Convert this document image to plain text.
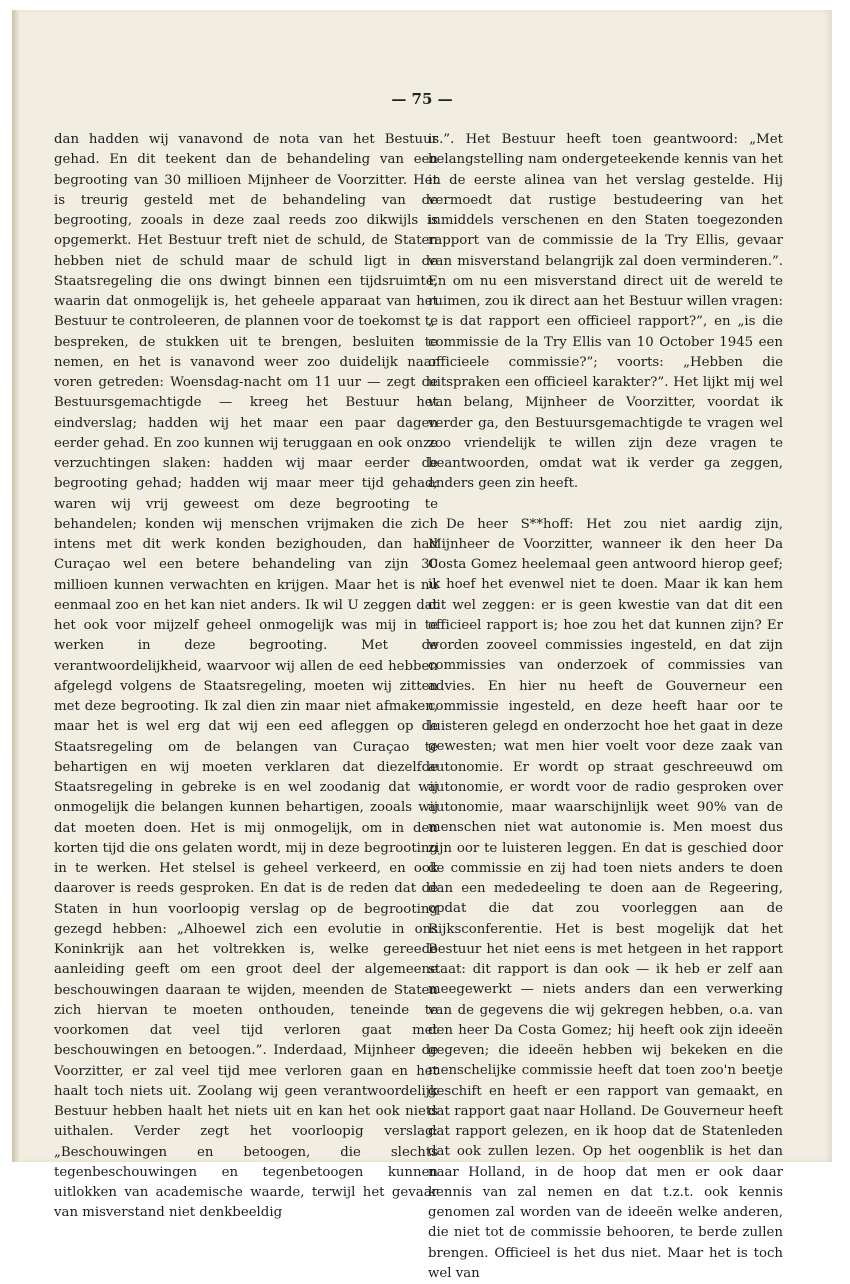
— 75 —

dan hadden wij vanavond de nota van het Bestuur gehad. En dit teekent dan de behandeling van een begrooting van 30 millioen Mijnheer de Voorzitter. Het is treurig gesteld met de behandeling van de begrooting, zooals in deze zaal reeds zoo dikwijls is opgemerkt. Het Bestuur treft niet de schuld, de Staten hebben niet de schuld maar de schuld ligt in de Staatsregeling die ons dwingt binnen een tijdsruimte, waarin dat onmogelijk is, het geheele apparaat van het Bestuur te controleeren, de plannen voor de toekomst te bespreken, de stukken uit te brengen, besluiten te nemen, en het is vanavond weer zoo duidelijk naar voren getreden: Woensdag-nacht om 11 uur — zegt de Bestuursgemachtigde — kreeg het Bestuur het eindverslag; hadden wij het maar een paar dagen eerder gehad. En zoo kunnen wij teruggaan en ook onze verzuchtingen slaken: hadden wij maar eerder de begrooting gehad; hadden wij maar meer tijd gehad; waren wij vrij geweest om deze begrooting te behandelen; konden wij menschen vrijmaken die zich intens met dit werk konden bezighouden, dan had Curaçao wel een betere behandeling van zijn 30 millioen kunnen verwachten en krijgen. Maar het is nu eenmaal zoo en het kan niet anders. Ik wil U zeggen dat het ook voor mijzelf geheel onmogelijk was mij in te werken in deze begrooting. Met de verantwoordelijkheid, waarvoor wij allen de eed hebben afgelegd volgens de Staatsregeling, moeten wij zitten met deze begrooting. Ik zal dien zin maar niet afmaken, maar het is wel erg dat wij een eed afleggen op de Staatsregeling om de belangen van Curaçao te behartigen en wij moeten verklaren dat diezelfde Staatsregeling in gebreke is en wel zoodanig dat wij onmogelijk die belangen kunnen behartigen, zooals wij dat moeten doen. Het is mij onmogelijk, om in den korten tijd die ons gelaten wordt, mij in deze begrooting in te werken. Het stelsel is geheel verkeerd, en ook daarover is reeds gesproken. En dat is de reden dat de Staten in hun voorloopig verslag op de begrooting gezegd hebben: „Alhoewel zich een evolutie in ons Koninkrijk aan het voltrekken is, welke gereede aanleiding geeft om een groot deel der algemeene beschouwingen daaraan te wijden, meenden de Staten zich hiervan te moeten onthouden, teneinde te voorkomen dat veel tijd verloren gaat met beschouwingen en betoogen.”. Inderdaad, Mijnheer de Voorzitter, er zal veel tijd mee verloren gaan en het haalt toch niets uit. Zoolang wij geen verantwoordelijk Bestuur hebben haalt het niets uit en kan het ook niets uithalen. Verder zegt het voorloopig verslag: „Beschouwingen en betoogen, die slechts tegenbeschouwingen en tegenbetoogen kunnen uitlokken van academische waarde, terwijl het gevaar van misverstand niet denkbeeldig

is.”. Het Bestuur heeft toen geantwoord: „Met belangstelling nam ondergeteekende kennis van het in de eerste alinea van het verslag gestelde. Hij vermoedt dat rustige bestudeering van het inmiddels verschenen en den Staten toegezonden rapport van de commissie de la Try Ellis, gevaar van misverstand belangrijk zal doen verminderen.”. En om nu een misverstand direct uit de wereld te ruimen, zou ik direct aan het Bestuur willen vragen: „ is dat rapport een officieel rapport?”, en „is die commissie de la Try Ellis van 10 October 1945 een officieele commissie?”; voorts: „Hebben die uitspraken een officieel karakter?”. Het lijkt mij wel van belang, Mijnheer de Voorzitter, voordat ik verder ga, den Bestuursgemachtigde te vragen wel zoo vriendelijk te willen zijn deze vragen te beantwoorden, omdat wat ik verder ga zeggen, anders geen zin heeft.

De heer S**hoff: Het zou niet aardig zijn, Mijnheer de Voorzitter, wanneer ik den heer Da Costa Gomez heelemaal geen antwoord hierop geef; ik hoef het evenwel niet te doen. Maar ik kan hem dit wel zeggen: er is geen kwestie van dat dit een officieel rapport is; hoe zou het dat kunnen zijn? Er worden zooveel commissies ingesteld, en dat zijn commissies van onderzoek of commissies van advies. En hier nu heeft de Gouverneur een commissie ingesteld, en deze heeft haar oor te luisteren gelegd en onderzocht hoe het gaat in deze gewesten; wat men hier voelt voor deze zaak van autonomie. Er wordt op straat geschreeuwd om autonomie, er wordt voor de radio gesproken over autonomie, maar waarschijnlijk weet 90% van de menschen niet wat autonomie is. Men moest dus zijn oor te luisteren leggen. En dat is geschied door de commissie en zij had toen niets anders te doen dan een mededeeling te doen aan de Regeering, opdat die dat zou voorleggen aan de Rijksconferentie. Het is best mogelijk dat het Bestuur het niet eens is met hetgeen in het rapport staat: dit rapport is dan ook — ik heb er zelf aan meegewerkt — niets anders dan een verwerking van de gegevens die wij gekregen hebben, o.a. van den heer Da Costa Gomez; hij heeft ook zijn ideeën gegeven; die ideeën hebben wij bekeken en die menschelijke commissie heeft dat toen zoo'n beetje geschift en heeft er een rapport van gemaakt, en dat rapport gaat naar Holland. De Gouverneur heeft dat rapport gelezen, en ik hoop dat de Statenleden dat ook zullen lezen. Op het oogenblik is het dan naar Holland, in de hoop dat men er ook daar kennis van zal nemen en dat t.z.t. ook kennis genomen zal worden van de ideeën welke anderen, die niet tot de commissie behooren, te berde zullen brengen. Officieel is het dus niet. Maar het is toch wel van
